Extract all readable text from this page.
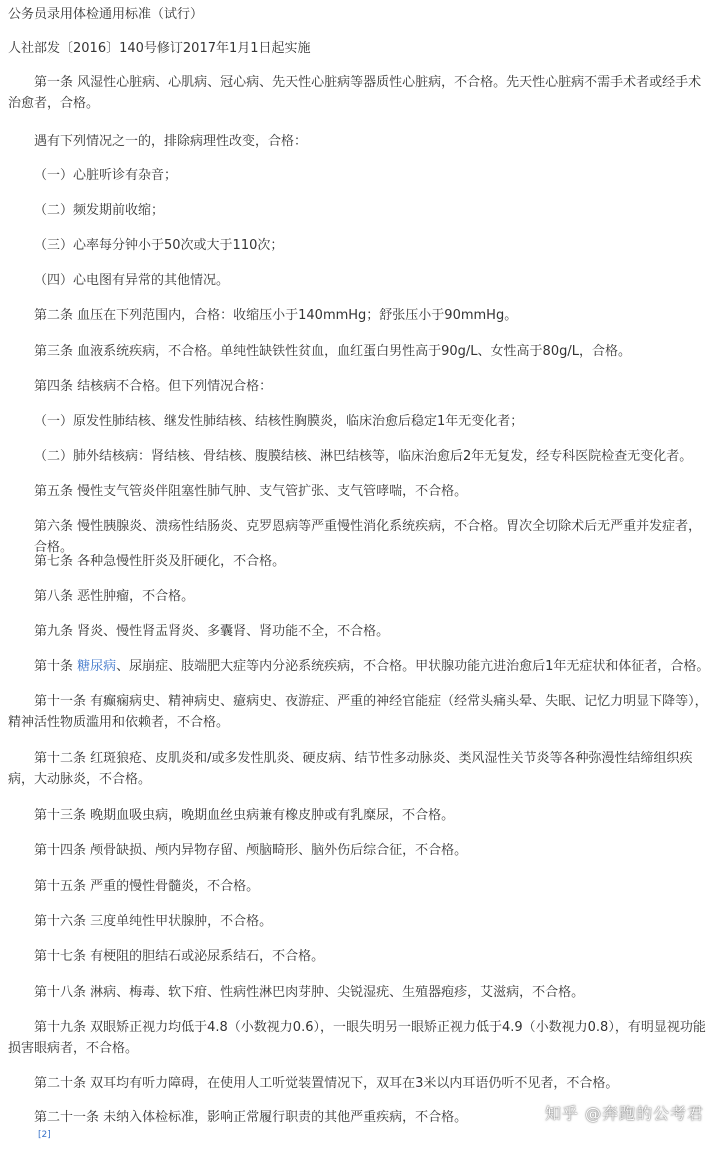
公务员录用体检通用标准（试行）

人社部发〔2016〕140号修订2017年1月1日起实施

第一条 风湿性心脏病、心肌病、冠心病、先天性心脏病等器质性心脏病，不合格。先天性心脏病不需手术者或经手术治愈者，合格。

遇有下列情况之一的，排除病理性改变，合格：

（一）心脏听诊有杂音；

（二）频发期前收缩；

（三）心率每分钟小于50次或大于110次；

（四）心电图有异常的其他情况。

第二条 血压在下列范围内，合格：收缩压小于140mmHg；舒张压小于90mmHg。

第三条 血液系统疾病，不合格。单纯性缺铁性贫血，血红蛋白男性高于90g/L、女性高于80g/L，合格。

第四条 结核病不合格。但下列情况合格：

（一）原发性肺结核、继发性肺结核、结核性胸膜炎，临床治愈后稳定1年无变化者；

（二）肺外结核病：肾结核、骨结核、腹膜结核、淋巴结核等，临床治愈后2年无复发，经专科医院检查无变化者。

第五条 慢性支气管炎伴阻塞性肺气肿、支气管扩张、支气管哮喘，不合格。

第六条 慢性胰腺炎、溃疡性结肠炎、克罗恩病等严重慢性消化系统疾病，不合格。胃次全切除术后无严重并发症者，合格。

第七条 各种急慢性肝炎及肝硬化，不合格。

第八条 恶性肿瘤，不合格。

第九条 肾炎、慢性肾盂肾炎、多囊肾、肾功能不全，不合格。

第十条 糖尿病、尿崩症、肢端肥大症等内分泌系统疾病，不合格。甲状腺功能亢进治愈后1年无症状和体征者，合格。

第十一条 有癫痫病史、精神病史、癔病史、夜游症、严重的神经官能症（经常头痛头晕、失眠、记忆力明显下降等），精神活性物质滥用和依赖者，不合格。

第十二条 红斑狼疮、皮肌炎和/或多发性肌炎、硬皮病、结节性多动脉炎、类风湿性关节炎等各种弥漫性结缔组织疾病，大动脉炎，不合格。

第十三条 晚期血吸虫病，晚期血丝虫病兼有橡皮肿或有乳糜尿，不合格。

第十四条 颅骨缺损、颅内异物存留、颅脑畸形、脑外伤后综合征，不合格。

第十五条 严重的慢性骨髓炎，不合格。

第十六条 三度单纯性甲状腺肿，不合格。

第十七条 有梗阻的胆结石或泌尿系结石，不合格。

第十八条 淋病、梅毒、软下疳、性病性淋巴肉芽肿、尖锐湿疣、生殖器疱疹，艾滋病，不合格。

第十九条 双眼矫正视力均低于4.8（小数视力0.6），一眼失明另一眼矫正视力低于4.9（小数视力0.8），有明显视功能损害眼病者，不合格。

第二十条 双耳均有听力障碍，在使用人工听觉装置情况下，双耳在3米以内耳语仍听不见者，不合格。

第二十一条 未纳入体检标准，影响正常履行职责的其他严重疾病，不合格。[2]

知乎 @奔跑的公考君
